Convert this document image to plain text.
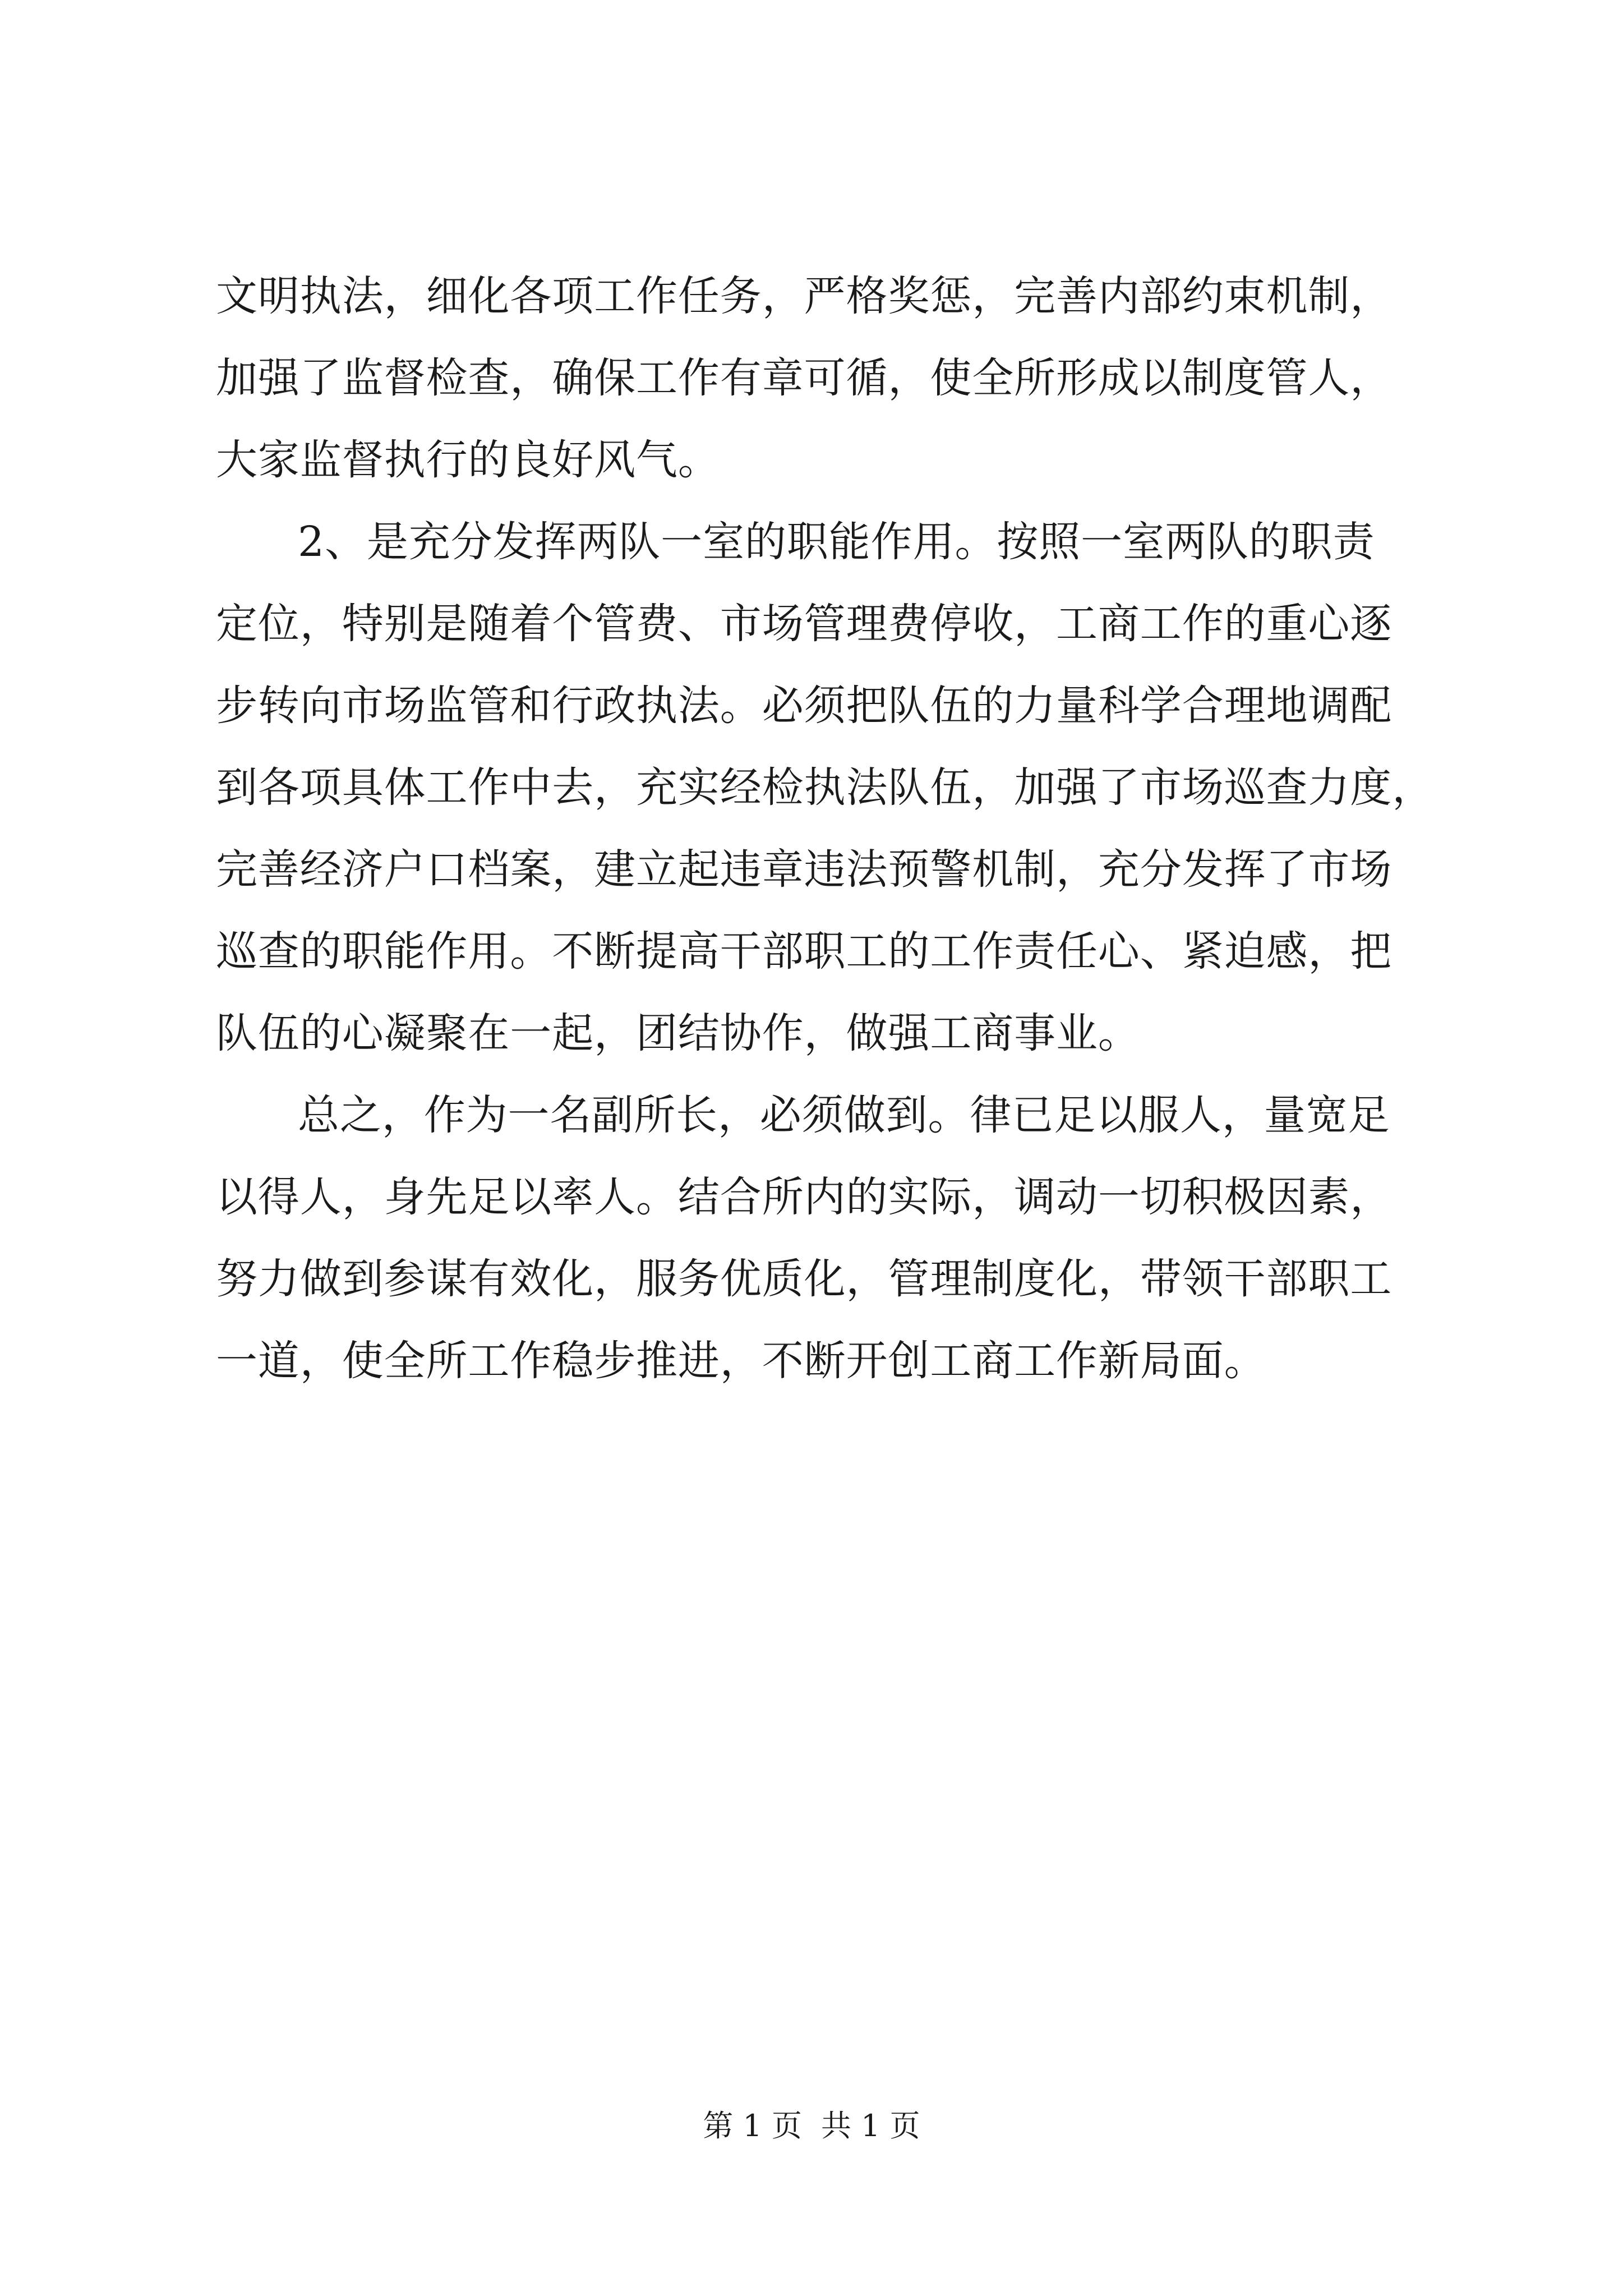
文明执法，细化各项工作任务，严格奖惩，完善内部约束机制，
加强了监督检查，确保工作有章可循，使全所形成以制度管人，
大家监督执行的良好风气。
2、是充分发挥两队一室的职能作用。按照一室两队的职责
定位，特别是随着个管费、市场管理费停收，工商工作的重心逐
步转向市场监管和行政执法。必须把队伍的力量科学合理地调配
到各项具体工作中去，充实经检执法队伍，加强了市场巡查力度，
完善经济户口档案，建立起违章违法预警机制，充分发挥了市场
巡查的职能作用。不断提高干部职工的工作责任心、紧迫感，把
队伍的心凝聚在一起，团结协作，做强工商事业。
总之，作为一名副所长，必须做到。律已足以服人，量宽足
以得人，身先足以率人。结合所内的实际，调动一切积极因素，
努力做到参谋有效化，服务优质化，管理制度化，带领干部职工
一道，使全所工作稳步推进，不断开创工商工作新局面。
第 1 页 共 1 页
